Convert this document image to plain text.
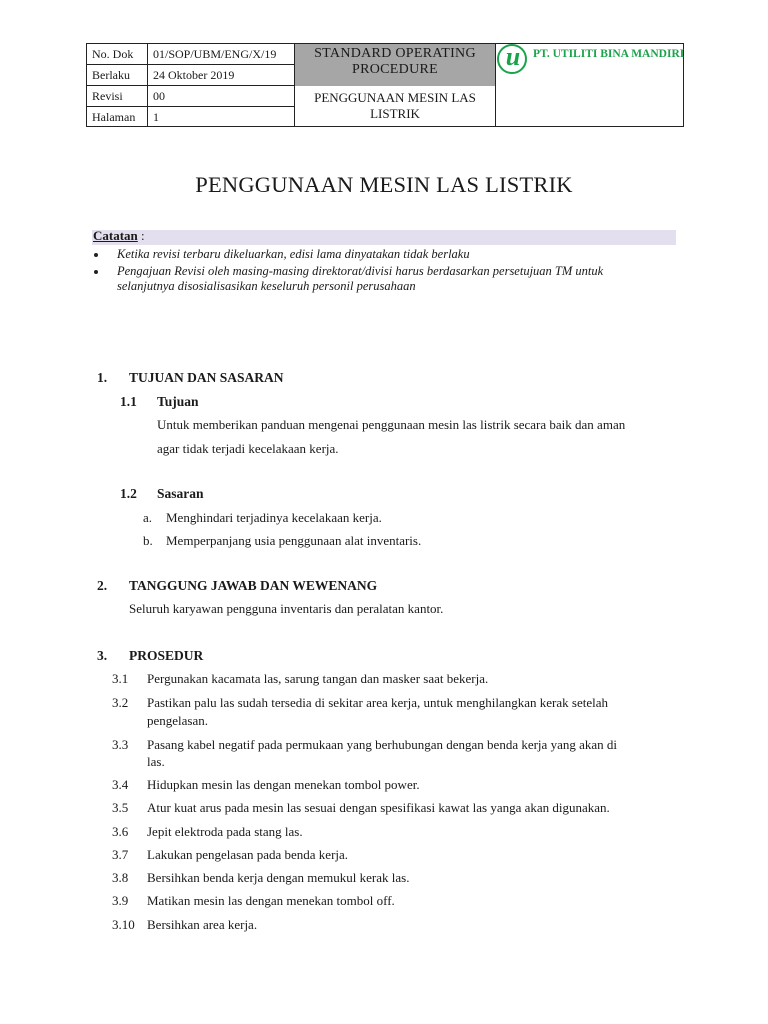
No. Dok	01/SOP/UBM/ENG/X/19
Berlaku	24 Oktober 2019
Revisi	00
Halaman	1
STANDARD OPERATING
PROCEDURE
PENGGUNAAN MESIN LAS
LISTRIK
u	PT. UTILITI BINA MANDIRI
PENGGUNAAN MESIN LAS LISTRIK
Catatan :
Ketika revisi terbaru dikeluarkan, edisi lama dinyatakan tidak berlaku
Pengajuan Revisi oleh masing-masing direktorat/divisi harus berdasarkan persetujuan TM untuk
selanjutnya disosialisasikan keseluruh personil perusahaan
1. TUJUAN DAN SASARAN
1.1 Tujuan
Untuk memberikan panduan mengenai penggunaan mesin las listrik secara baik dan aman
agar tidak terjadi kecelakaan kerja.
1.2 Sasaran
a. Menghindari terjadinya kecelakaan kerja.
b. Memperpanjang usia penggunaan alat inventaris.
2. TANGGUNG JAWAB DAN WEWENANG
Seluruh karyawan pengguna inventaris dan peralatan kantor.
3. PROSEDUR
3.1 Pergunakan kacamata las, sarung tangan dan masker saat bekerja.
3.2 Pastikan palu las sudah tersedia di sekitar area kerja, untuk menghilangkan kerak setelah
pengelasan.
3.3 Pasang kabel negatif pada permukaan yang berhubungan dengan benda kerja yang akan di
las.
3.4 Hidupkan mesin las dengan menekan tombol power.
3.5 Atur kuat arus pada mesin las sesuai dengan spesifikasi kawat las yanga akan digunakan.
3.6 Jepit elektroda pada stang las.
3.7 Lakukan pengelasan pada benda kerja.
3.8 Bersihkan benda kerja dengan memukul kerak las.
3.9 Matikan mesin las dengan menekan tombol off.
3.10 Bersihkan area kerja.
